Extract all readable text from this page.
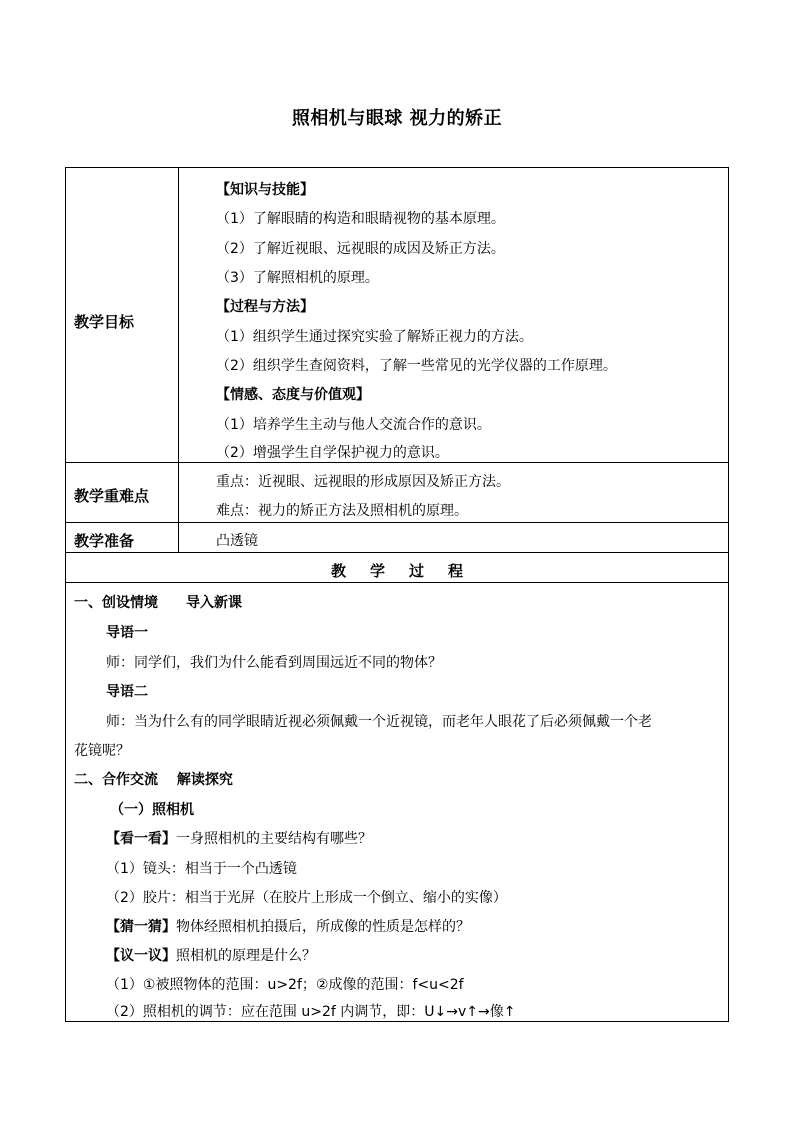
照相机与眼球 视力的矫正
教学目标
【知识与技能】
（1）了解眼睛的构造和眼睛视物的基本原理。
（2）了解近视眼、远视眼的成因及矫正方法。
（3）了解照相机的原理。
【过程与方法】
（1）组织学生通过探究实验了解矫正视力的方法。
（2）组织学生查阅资料，了解一些常见的光学仪器的工作原理。
【情感、态度与价值观】
（1）培养学生主动与他人交流合作的意识。
（2）增强学生自学保护视力的意识。
教学重难点
重点：近视眼、远视眼的形成原因及矫正方法。
难点：视力的矫正方法及照相机的原理。
教学准备	凸透镜
教学过程
一、创设情境　　导入新课
导语一
师：同学们，我们为什么能看到周围远近不同的物体？
导语二
师：当为什么有的同学眼睛近视必须佩戴一个近视镜，而老年人眼花了后必须佩戴一个老
花镜呢？
二、合作交流　 解读探究
（一）照相机
【看一看】一身照相机的主要结构有哪些？
（1）镜头：相当于一个凸透镜
（2）胶片：相当于光屏（在胶片上形成一个倒立、缩小的实像）
【猜一猜】物体经照相机拍摄后，所成像的性质是怎样的？
【议一议】照相机的原理是什么？
（1）①被照物体的范围：u>2f；②成像的范围：f<u<2f
（2）照相机的调节：应在范围 u>2f 内调节，即：U↓→v↑→像↑
